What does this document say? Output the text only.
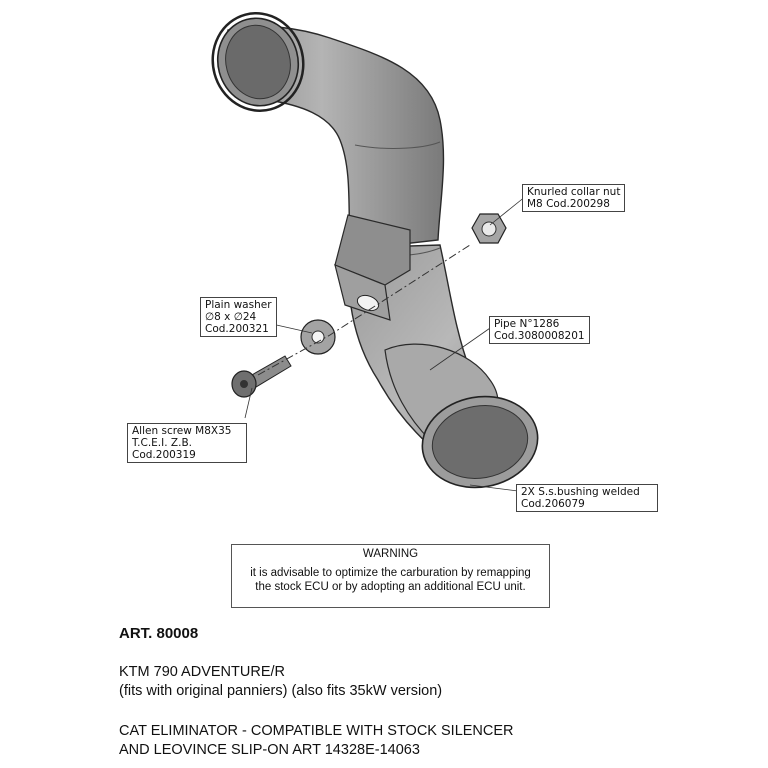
Knurled collar nut
M8 Cod.200298
Plain washer
∅8 x ∅24
Cod.200321	Pipe N°1286
Cod.3080008201
Allen screw M8X35
T.C.E.I. Z.B.
Cod.200319
2X S.s.bushing welded
Cod.206079
WARNING
it is advisable to optimize the carburation by remapping
the stock ECU or by adopting an additional ECU unit.
ART. 80008
KTM 790 ADVENTURE/R
(fits with original panniers) (also fits 35kW version)
CAT ELIMINATOR - COMPATIBLE WITH STOCK SILENCER
AND LEOVINCE SLIP-ON ART 14328E-14063
